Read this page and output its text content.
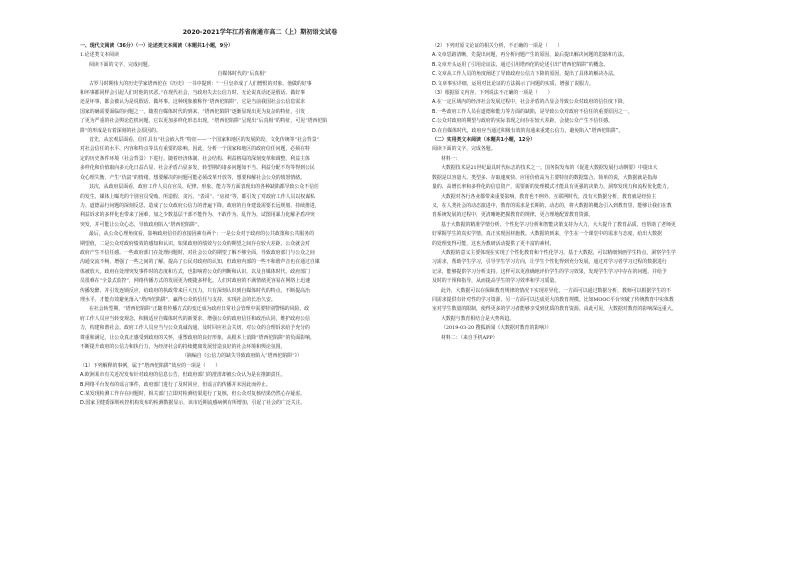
2020-2021学年江苏省南通市高二（上）期初语文试卷
一、现代文阅读（36分）（一）论述类文本阅读（本题共1小题，9分）
1.论述类文本阅读
阅读下面的文字，完成问题。
自媒体时代的“后真相”
古罗马时期伟大的历史学家塔西佗在《历史》一书中提到：“一旦皇帝成了人们憎恨的对象，他做的好事
和坏事都同样会引起人们对他的厌恶。”在现代社会，当政府失去公信力时，无论说真话还是假话、做好事
还是坏事，都会被认为是说假话、做坏事。这种现象被称作“塔西佗陷阱”，它是当前我国社会公信息需求
国家的确需要面临的问题之一。随着自媒体时代的到来，“塔西佗陷阱”逐渐显现出更为复杂的特征，引发
了更为严重的社会舆论危机问题，它以更加多样化形态出现，“塔西佗陷阱”呈现出“后真相”的特征，可见“塔西佗陷
阱”的形成是有着深刻的社会原因的。
首先，从宏观层面看，信任具有“社会嵌入性”特征——一个国家和地区的发展阶段、文化传统等“社会背景”
对社会信任的水平、内容和特点等具有重要的影响。因此，分析一个国家和地区的政府信任问题，必须在特
定的历史条件环境（社会背景）下进行。随着经济体制、社会结构、利益格局的深刻变革和调整，利益主体
多样化和价值取向多元化日益凸显，社会矛盾凸显多发，转型期的诸多问题如不当、利益分配不均等得到公民
众心理失衡，产生“仇富”的情绪。想要解决的问题可能必须改革开放等，想要和解社会公众的愤怒情绪。
其次，从政府层面看，政府工作人员在官员、纪律、形象、能力等方面表现出的各种缺陷都导致公众不信任
的发生，媒体上曝光的个别官员受贿、所造假、贪污、“表哥”、“房叔”等，都引发了对政府工作人员以权谋私
力、道德品行问题的深刻反思，造成了公众政府公信力的普遍下降。政府的自身建设需要长远规划、持续推进，
利益诉求的多样化也带来了困难，加之少数基层干部不能作为、不敢作为、乱作为，试图用暴力化解矛盾冲突
突发，并可能让公众心态，导致政府陷入“塔西佗陷阱”。
最后，从公众心理角度看，影响政府信任的直接因素有两个：一是公众对于政府的公共政策和公共服务的
期望值，二是公众对政府绩效的感知和认识。如果政府的绩效与公众的期望之间存在较大差距，公众就会对
政府产生不信任感。一些政府部门在处理问题时，对社会公众的期望了解不够全面，导致政府部门与公众之间
沟通交流不畅，增强了一些之间的了解。提高了公民对政府的认知，但政府内部的一些不和谐声音也在通过自媒
体被放大。政府在处理突发事件时的态度和方式，也影响着公众的判断和认识，以及自媒体时代，政府部门
员很难在“全景式监控”，网络传播方式的发展更为便捷多样化。人们对政府的不满情绪更容易在网络上迅速
传播发酵，并引发连锁反应，给政府的执政带来巨大压力。只有深刻认识到自媒体时代的特点，不断提高治
理水平，才能有效避免落入“塔西佗陷阱”，赢得公众的信任与支持，实现社会的长治久安。
在社会转型期，“塔西佗陷阱”正随着传播方式的变迁成为政府日常社会管理中需要特别警惕的风险。政
府工作人员应当转变观念，积极适应自媒体时代的新要求，增强公众的政府信任和政治认同，维护政府公信
力，构建和谐社会。政府工作人员应当与公众真诚沟通，及时回应社会关切，对公众的合理诉求给予充分的
尊重和满足，让公众真正感受到政府的关怀，重塑政府的良好形象，从根本上消除“塔西佗陷阱”的负面影响，
不断提升政府的公信力和执行力，为经济社会的持续健康发展营造良好的社会环境和舆论氛围。
（摘编自《公信力的缺失导致政府陷入“塔西佗陷阱”》）
（1）下列解释的事例，属于“塔西佗陷阱”效应的一项是（　　）
A.欧洲某市有关近况发布针对政府的信息公告，但政府部门的澄清却被公众认为是在推卸责任。
B.网络平台发布的谣言事件，政府部门进行了及时回应，但谣言的传播并未因此而停止。
C.某发现检测工作存在问题时，相关部门立即对检测结果进行了复核，但公众对复核结果仍然心存疑虑。
D.国家卫健委深圳疾控机构发布的检测数据显示，该市近期流感病例有所增加，引起了社会的广泛关注。
（2）下列对原文论证的相关分析，不正确的一项是（　　）
A.文章思路清晰，先提出问题，再分析问题产生的原因，最后提出解决问题的思路和方法。
B.文章开头运用了引用论证法，通过引用塔西佗的论述引出“塔西佗陷阱”的概念。
C.文章从工作人员的角度阐述了导致政府公信力下降的原因，提出了具体的解决办法。
D.文章事实详细，运用对比论证的方法揭示了问题的实质，增强了说服力。
（3）根据原文内容，下列说法不正确的一项是（　　）
A.在一定区域内的经济社会发展过程中，社会矛盾的凸显会导致公众对政府的信任度下降。
B.一些政府工作人员在道德和能力等方面的缺陷，是导致公众对政府不信任的重要原因之一。
C.公众对政府的期望与政府的实际表现之间存在较大差距，会使公众产生不信任感。
D.在自媒体时代，政府应当通过积极有效的沟通来重建公信力，避免陷入“塔西佗陷阱”。
（二）实用类文本阅读（本题共1小题，12分）
阅读下面的文字，完成各题。
材料一：
大数据技术是21世纪最具时代标志的技术之一。国务院发布的《促进大数据发展行动纲要》中提出大
数据是以容量大、类型多、存取速度快、应用价值高为主要特征的数据集合。简单的说，大数据就是指海
量的、高增长率和多样化的信息资产，需要新的处理模式才能具有更强的决策力、洞察发现力和流程优化能力。
大数据对各行各业都带来重要影响，教育也不例外。互联网时代，没有大数据分析，教育就是经验主
义，在人类社会的动态演进中，教育的需求是长期的、动态的，将大数据的概念引入到教育里，能够让我们在教
育系统发展的过程中，更清晰地把握教育的规律，更合理地配置教育资源。
基于大数据的精准学情分析、个性化学习分析和智能决策支持为大力，大大提升了教育品质，也帮助了老师更
好掌握学生的真实学情。真正实现因材施教。大数据的到来，学生在一个课堂中的需求与态度，给出大数据
的处理变得可能，这也为教研活动提供了更丰富的素材。
大数据的意义主要体现在实现了个性化教育和个性化学习。基于大数据，可以精细刻画学生特点，洞察学生学
习需求，帮助学生学习，引导学生学习方向，让学生个性化得到充分发展。通过对学习者学习过程的数据进行
记录，能够提供学习分析支持。这样可以更准确地评价学生的学习效果，发现学生学习中存在的问题，并给予
及时的干预和指导，从而提高学生的学习效率和学习质量。
此外，大数据可以在保障教育规律的情况下实现差异化，一方面可以通过数据分析，教师可以根据学生的不
同需求提供有针对性的学习资源，另一方面可以达成更大的教育规模。比如MOOC平台突破了传统教育中实体教
室对学生数量的限制，使得更多的学习者能够享受到优质的教育资源。由此可见，大数据对教育的影响深远重大。
大数据与教育相结合是大势所趋。
（2019-03-20 搜狐新闻《大数据对教育的影响》）
材料二：（来自手机APP）
